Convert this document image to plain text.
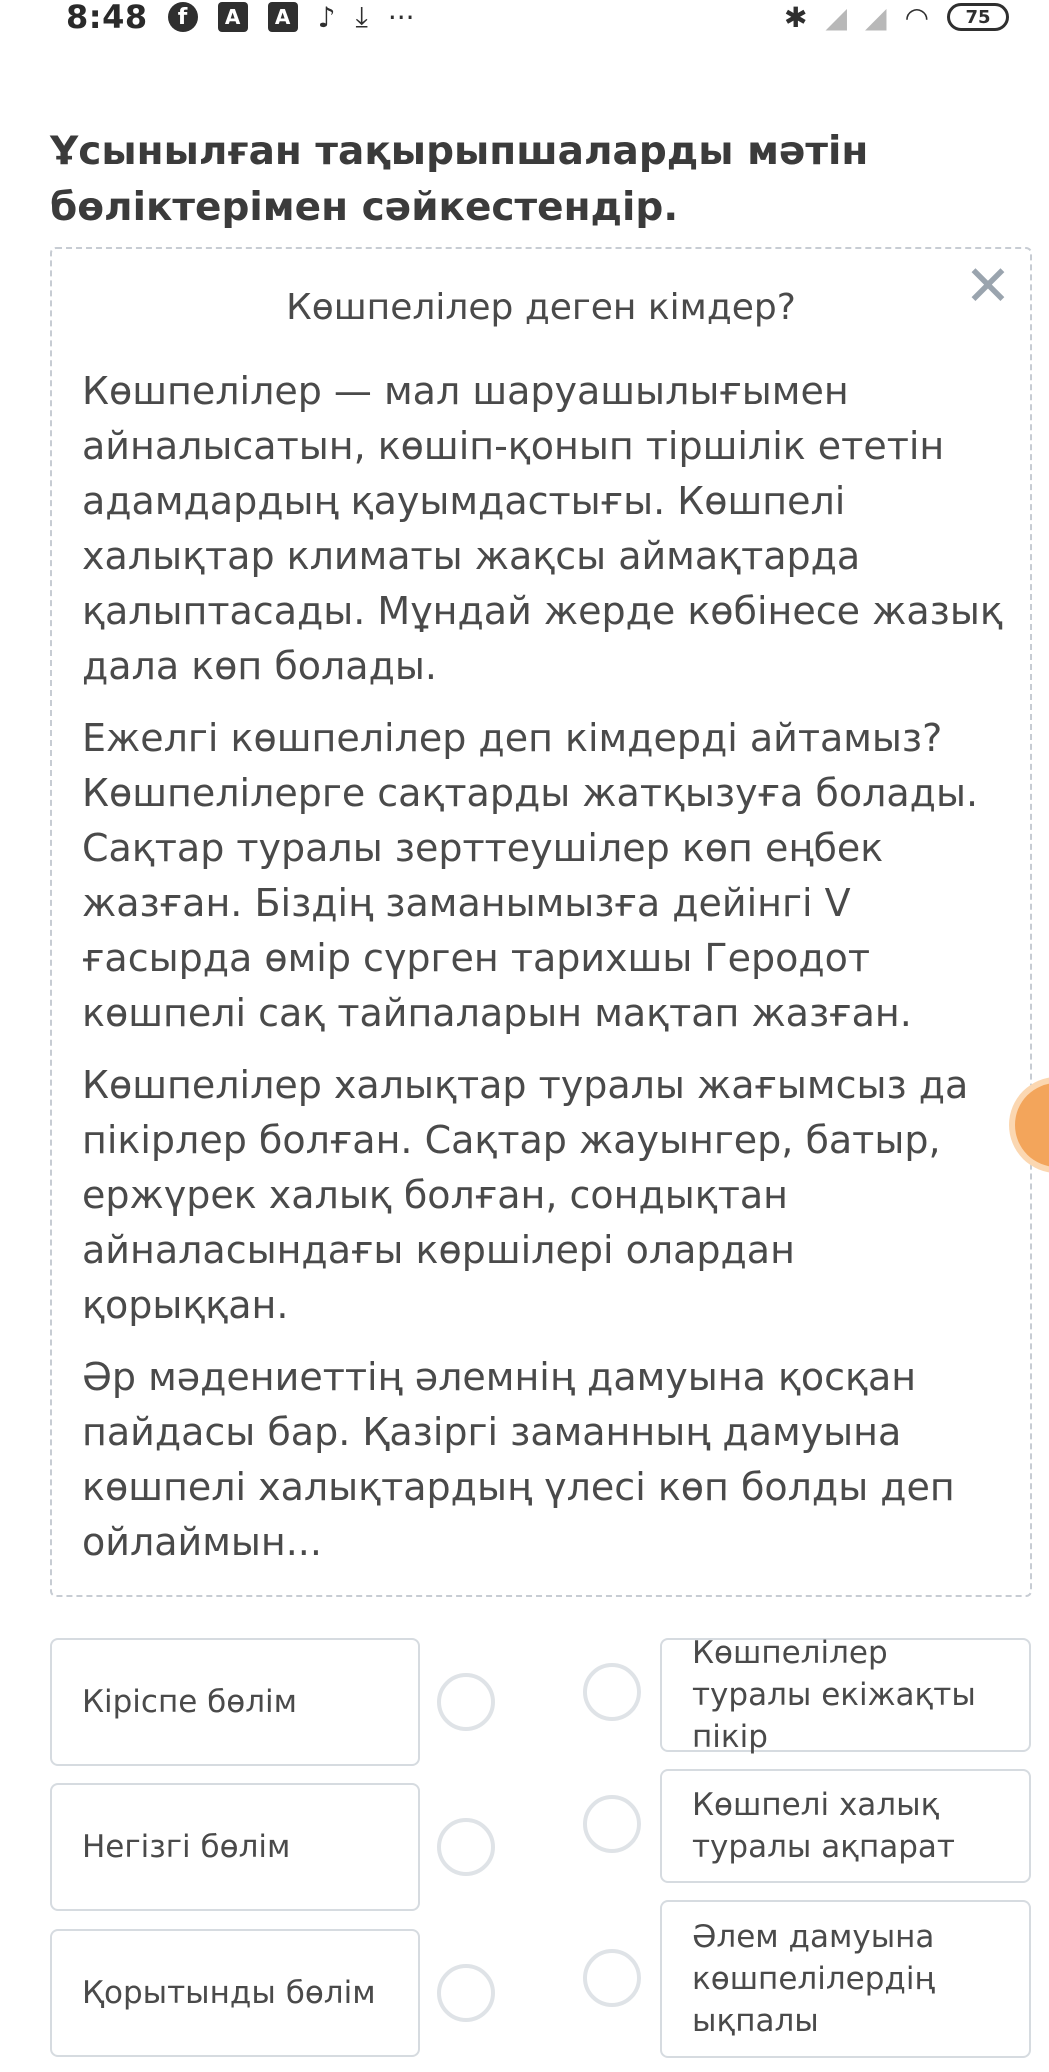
8:48	f	A	A ♪ ⤓ ···	✱ ◢ ◢ ◠	75
Ұсынылған тақырыпшаларды мәтін бөліктерімен сәйкестендір.
✕
Көшпелілер деген кімдер?

Көшпелілер — мал шаруашылығымен айналысатын, көшіп-қонып тіршілік ететін адамдардың қауымдастығы. Көшпелі халықтар климаты жақсы аймақтарда қалыптасады. Мұндай жерде көбінесе жазық дала көп болады.

Ежелгі көшпелілер деп кімдерді айтамыз? Көшпелілерге сақтарды жатқызуға болады. Сақтар туралы зерттеушілер көп еңбек жазған. Біздің заманымызға дейінгі V ғасырда өмір сүрген тарихшы Геродот көшпелі сақ тайпаларын мақтап жазған.

Көшпелілер халықтар туралы жағымсыз да пікірлер болған. Сақтар жауынгер, батыр, ержүрек халық болған, сондықтан айналасындағы көршілері олардан қорыққан.

Әр мәдениеттің әлемнің дамуына қосқан пайдасы бар. Қазіргі заманның дамуына көшпелі халықтардың үлесі көп болды деп ойлаймын...

Кіріспе бөлім
Негізгі бөлім
Қорытынды бөлім
Көшпелілер туралы екіжақты пікір
Көшпелі халық туралы ақпарат
Әлем дамуына көшпелілердің ықпалы
